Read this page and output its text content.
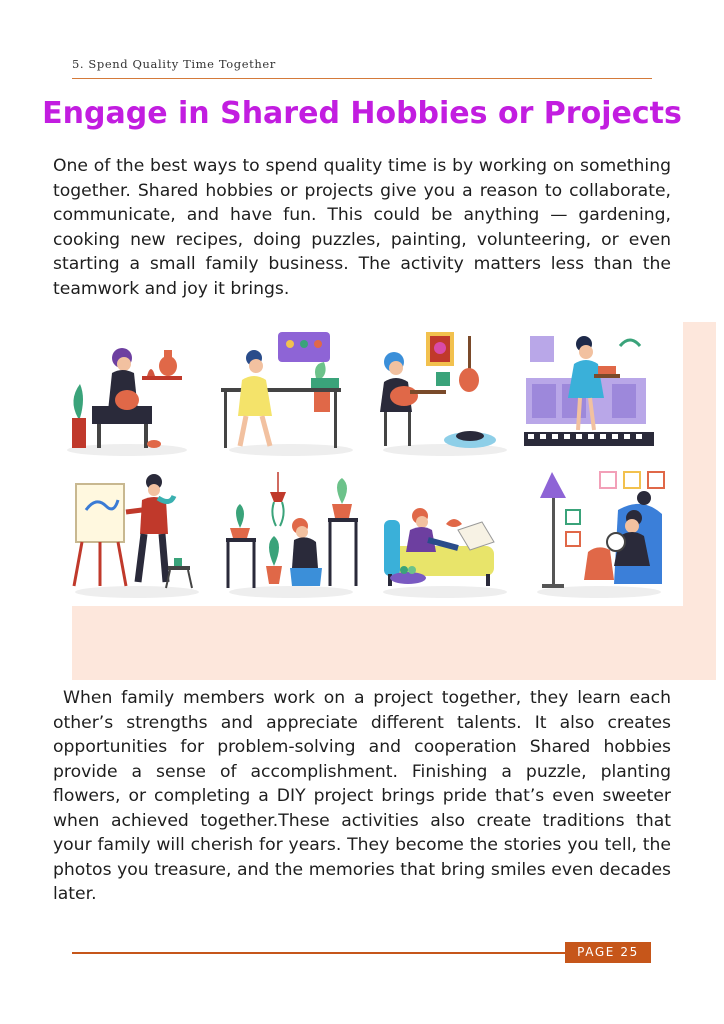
5. Spend Quality Time Together
Engage in Shared Hobbies or Projects

One of the best ways to spend quality time is by working on something together. Shared hobbies or projects give you a reason to collaborate, communicate, and have fun. This could be anything — gardening, cooking new recipes, doing puzzles, painting, volunteering, or even starting a small family business. The activity matters less than the teamwork and joy it brings.

When family members work on a project together, they learn each other’s strengths and appreciate different talents. It also creates opportunities for problem-solving and cooperation Shared hobbies provide a sense of accomplishment. Finishing a puzzle, planting flowers, or completing a DIY project brings pride that’s even sweeter when achieved together.These activities also create traditions that your family will cherish for years. They become the stories you tell, the photos you treasure, and the memories that bring smiles even decades later.

PAGE 25
